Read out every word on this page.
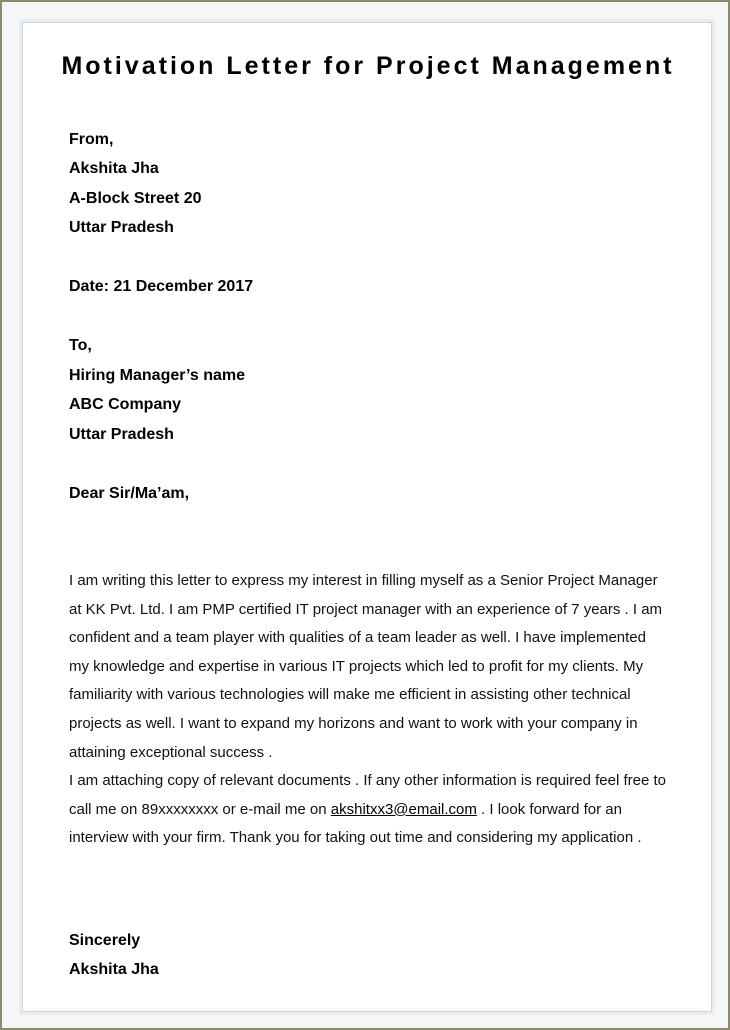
Motivation Letter for Project Management
From,
Akshita Jha
A-Block Street 20
Uttar Pradesh
Date: 21 December 2017
To,
Hiring Manager’s name
ABC Company
Uttar Pradesh
Dear Sir/Ma’am,

I am writing this letter to express my interest in filling myself as a Senior Project Manager at KK Pvt. Ltd. I am PMP certified IT project manager with an experience of 7 years . I am confident and a team player with qualities of a team leader as well. I have implemented my knowledge and expertise in various IT projects which led to profit for my clients. My familiarity with various technologies will make me efficient in assisting other technical projects as well. I want to expand my horizons and want to work with your company in attaining exceptional success .

I am attaching copy of relevant documents . If any other information is required feel free to call me on 89xxxxxxxx or e-mail me on akshitxx3@email.com . I look forward for an interview with your firm. Thank you for taking out time and considering my application .

Sincerely
Akshita Jha
